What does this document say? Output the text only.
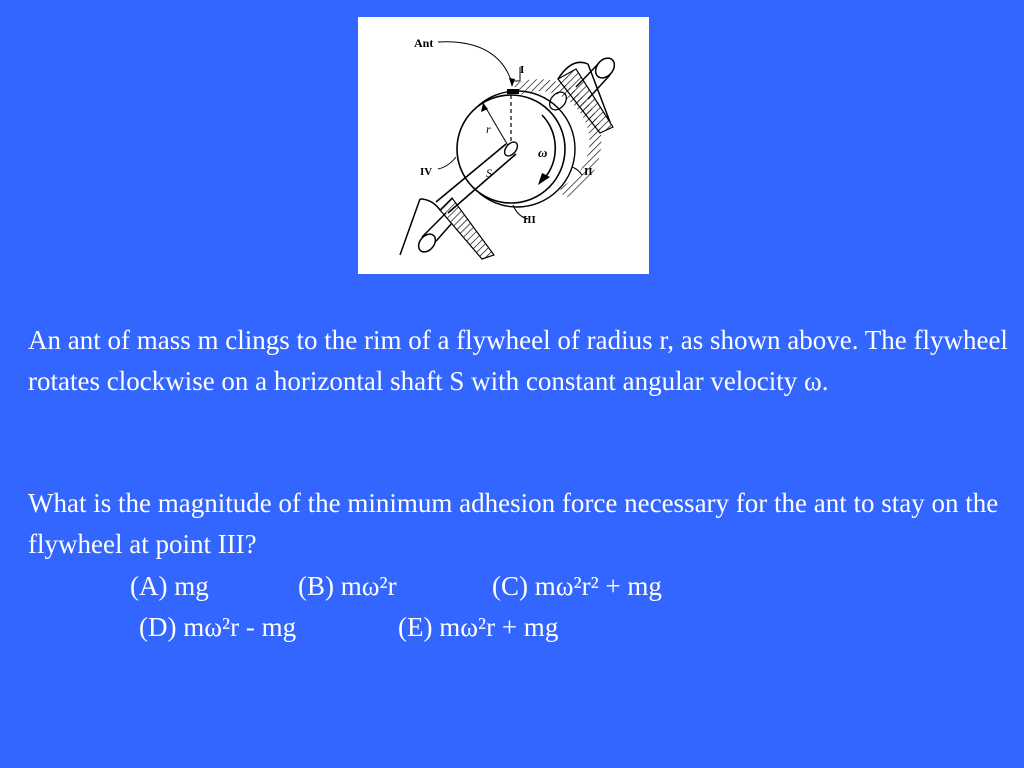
Ant
I
II
III
IV
r
ω
S

An ant of mass m clings to the rim of a flywheel of radius r, as shown above. The flywheel rotates clockwise on a horizontal shaft S with constant angular velocity ω.

What is the magnitude of the minimum adhesion force necessary for the ant to stay on the flywheel at point III?

(A) mg	(B) mω²r	(C) mω²r² + mg
(D) mω²r - mg	(E) mω²r + mg
